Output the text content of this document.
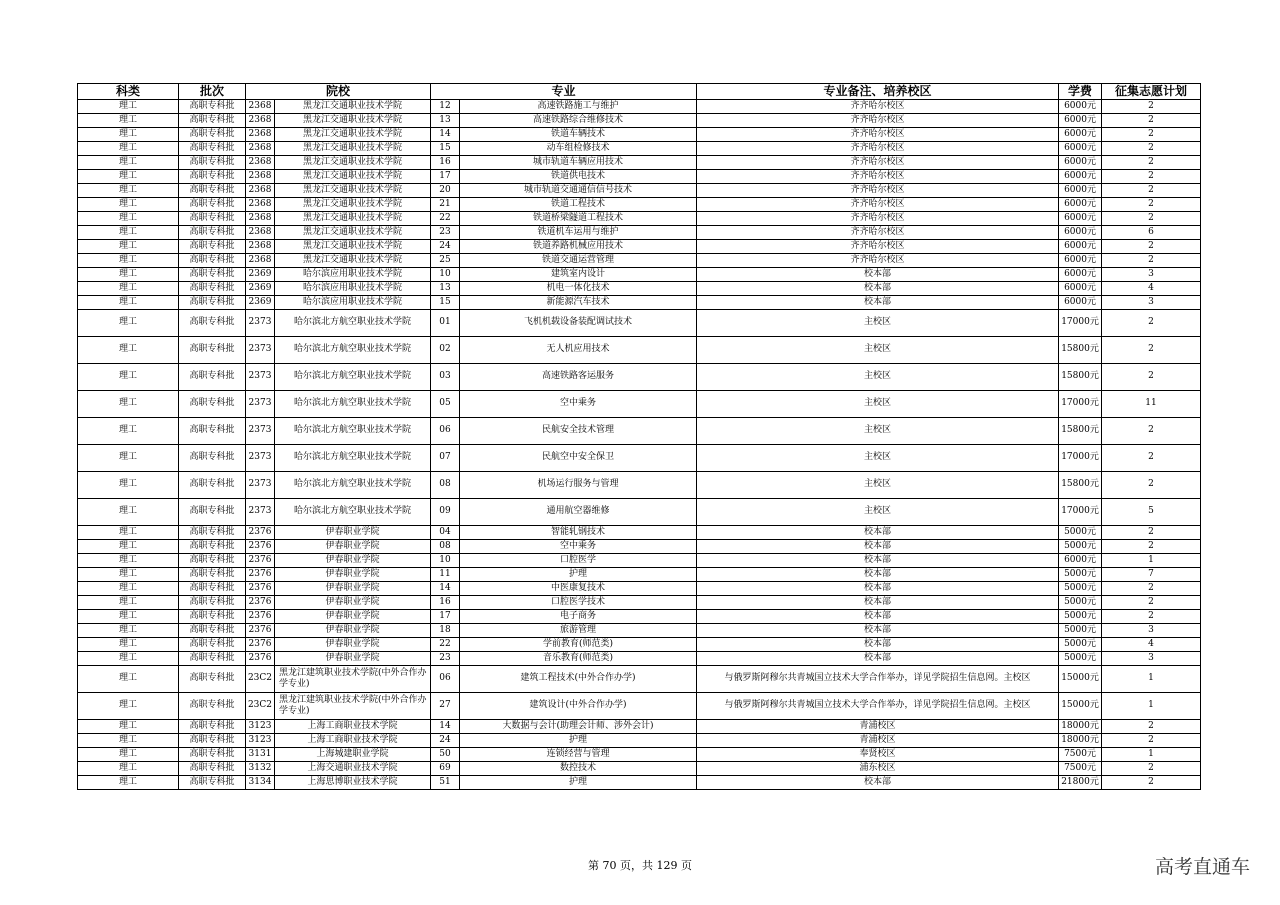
科类	批次	院校		专业		专业备注、培养校区	学费	征集志愿计划
理工	高职专科批	2368	黑龙江交通职业技术学院	12	高速铁路施工与维护	齐齐哈尔校区	6000元	2
理工	高职专科批	2368	黑龙江交通职业技术学院	13	高速铁路综合维修技术	齐齐哈尔校区	6000元	2
理工	高职专科批	2368	黑龙江交通职业技术学院	14	铁道车辆技术	齐齐哈尔校区	6000元	2
理工	高职专科批	2368	黑龙江交通职业技术学院	15	动车组检修技术	齐齐哈尔校区	6000元	2
理工	高职专科批	2368	黑龙江交通职业技术学院	16	城市轨道车辆应用技术	齐齐哈尔校区	6000元	2
理工	高职专科批	2368	黑龙江交通职业技术学院	17	铁道供电技术	齐齐哈尔校区	6000元	2
理工	高职专科批	2368	黑龙江交通职业技术学院	20	城市轨道交通通信信号技术	齐齐哈尔校区	6000元	2
理工	高职专科批	2368	黑龙江交通职业技术学院	21	铁道工程技术	齐齐哈尔校区	6000元	2
理工	高职专科批	2368	黑龙江交通职业技术学院	22	铁道桥梁隧道工程技术	齐齐哈尔校区	6000元	2
理工	高职专科批	2368	黑龙江交通职业技术学院	23	铁道机车运用与维护	齐齐哈尔校区	6000元	6
理工	高职专科批	2368	黑龙江交通职业技术学院	24	铁道养路机械应用技术	齐齐哈尔校区	6000元	2
理工	高职专科批	2368	黑龙江交通职业技术学院	25	铁道交通运营管理	齐齐哈尔校区	6000元	2
理工	高职专科批	2369	哈尔滨应用职业技术学院	10	建筑室内设计	校本部	6000元	3
理工	高职专科批	2369	哈尔滨应用职业技术学院	13	机电一体化技术	校本部	6000元	4
理工	高职专科批	2369	哈尔滨应用职业技术学院	15	新能源汽车技术	校本部	6000元	3
理工	高职专科批	2373	哈尔滨北方航空职业技术学院	01	飞机机载设备装配调试技术	主校区	17000元	2
理工	高职专科批	2373	哈尔滨北方航空职业技术学院	02	无人机应用技术	主校区	15800元	2
理工	高职专科批	2373	哈尔滨北方航空职业技术学院	03	高速铁路客运服务	主校区	15800元	2
理工	高职专科批	2373	哈尔滨北方航空职业技术学院	05	空中乘务	主校区	17000元	11
理工	高职专科批	2373	哈尔滨北方航空职业技术学院	06	民航安全技术管理	主校区	15800元	2
理工	高职专科批	2373	哈尔滨北方航空职业技术学院	07	民航空中安全保卫	主校区	17000元	2
理工	高职专科批	2373	哈尔滨北方航空职业技术学院	08	机场运行服务与管理	主校区	15800元	2
理工	高职专科批	2373	哈尔滨北方航空职业技术学院	09	通用航空器维修	主校区	17000元	5
理工	高职专科批	2376	伊春职业学院	04	智能轧钢技术	校本部	5000元	2
理工	高职专科批	2376	伊春职业学院	08	空中乘务	校本部	5000元	2
理工	高职专科批	2376	伊春职业学院	10	口腔医学	校本部	6000元	1
理工	高职专科批	2376	伊春职业学院	11	护理	校本部	5000元	7
理工	高职专科批	2376	伊春职业学院	14	中医康复技术	校本部	5000元	2
理工	高职专科批	2376	伊春职业学院	16	口腔医学技术	校本部	5000元	2
理工	高职专科批	2376	伊春职业学院	17	电子商务	校本部	5000元	2
理工	高职专科批	2376	伊春职业学院	18	旅游管理	校本部	5000元	3
理工	高职专科批	2376	伊春职业学院	22	学前教育(师范类)	校本部	5000元	4
理工	高职专科批	2376	伊春职业学院	23	音乐教育(师范类)	校本部	5000元	3
理工	高职专科批	23C2	黑龙江建筑职业技术学院(中外合作办学专业)	06	建筑工程技术(中外合作办学)	与俄罗斯阿穆尔共青城国立技术大学合作举办，详见学院招生信息网。主校区	15000元	1
理工	高职专科批	23C2	黑龙江建筑职业技术学院(中外合作办学专业)	27	建筑设计(中外合作办学)	与俄罗斯阿穆尔共青城国立技术大学合作举办，详见学院招生信息网。主校区	15000元	1
理工	高职专科批	3123	上海工商职业技术学院	14	大数据与会计(助理会计师、涉外会计)	青浦校区	18000元	2
理工	高职专科批	3123	上海工商职业技术学院	24	护理	青浦校区	18000元	2
理工	高职专科批	3131	上海城建职业学院	50	连锁经营与管理	奉贤校区	7500元	1
理工	高职专科批	3132	上海交通职业技术学院	69	数控技术	浦东校区	7500元	2
理工	高职专科批	3134	上海思博职业技术学院	51	护理	校本部	21800元	2
第 70 页，共 129 页	高考直通车
